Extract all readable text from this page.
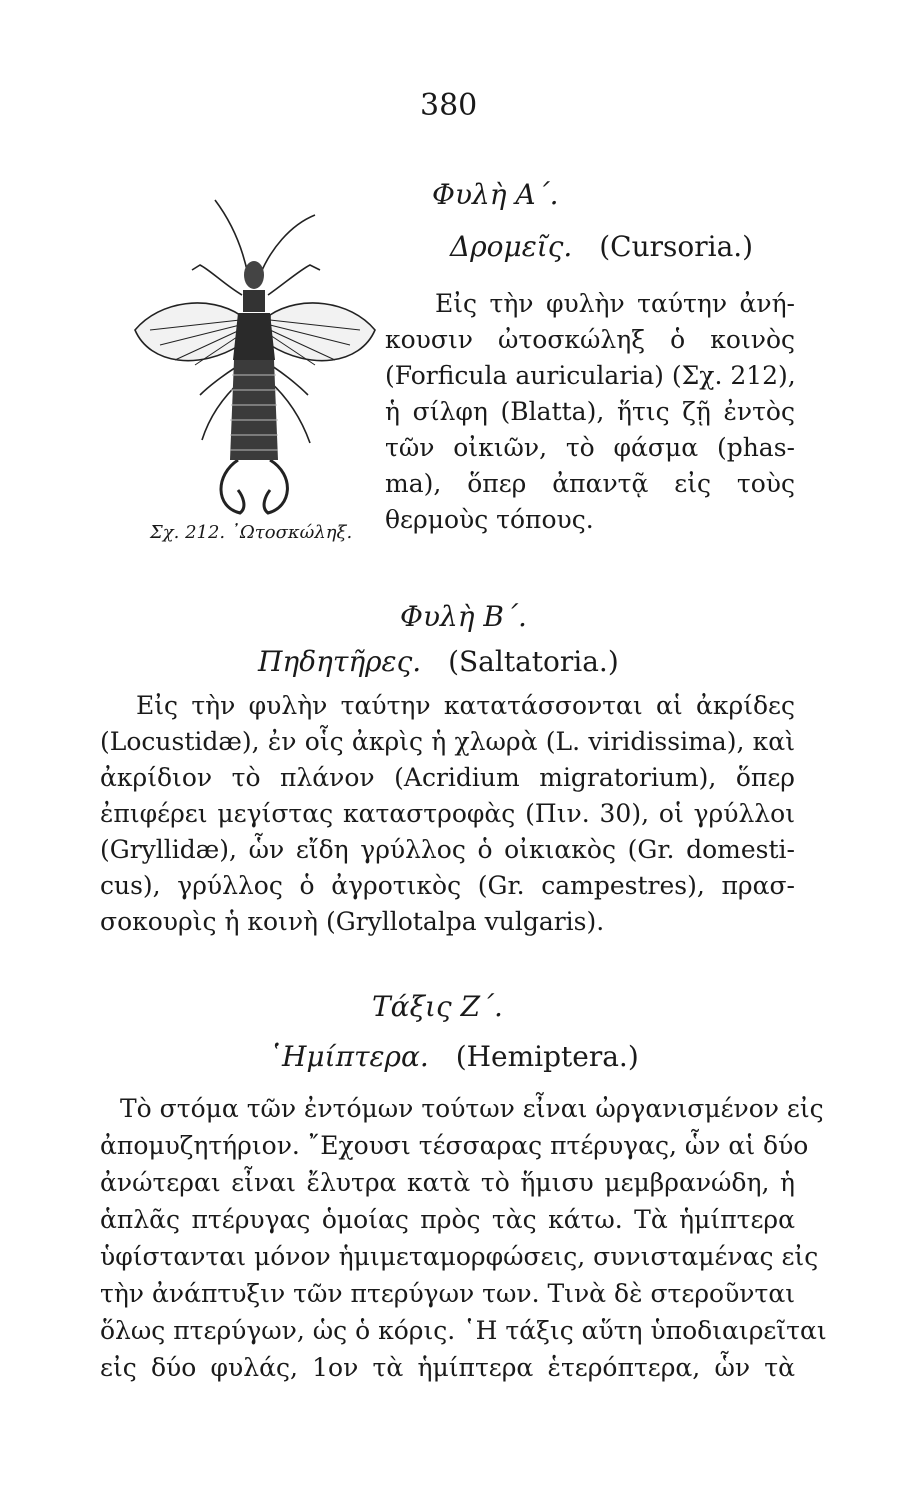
380
Σχ. 212. ᾿Ωτοσκώληξ.
Φυλὴ Α΄.
Δρομεῖς. (Cursoria.)
Εἰς τὴν φυλὴν ταύτην ἀνή-
κουσιν ὠτοσκώληξ ὁ κοινὸς
(Forficula auricularia) (Σχ. 212),
ἡ σίλφη (Blatta), ἥτις ζῇ ἐντὸς
τῶν οἰκιῶν, τὸ φάσμα (phas-
ma), ὅπερ ἀπαντᾷ εἰς τοὺς
θερμοὺς τόπους.
Φυλὴ Β΄.
Πηδητῆρες. (Saltatoria.)
Εἰς τὴν φυλὴν ταύτην κατατάσσονται αἱ ἀκρίδες
(Locustidæ), ἐν οἷς ἀκρὶς ἡ χλωρὰ (L. viridissima), καὶ
ἀκρίδιον τὸ πλάνον (Acridium migratorium), ὅπερ
ἐπιφέρει μεγίστας καταστροφὰς (Πιν. 30), οἱ γρύλλοι
(Gryllidæ), ὧν εἴδη γρύλλος ὁ οἰκιακὸς (Gr. domesti-
cus), γρύλλος ὁ ἀγροτικὸς (Gr. campestres), πρασ-
σοκουρὶς ἡ κοινὴ (Gryllotalpa vulgaris).
Τάξις Ζ΄.
῾Ημίπτερα. (Hemiptera.)
Τὸ στόμα τῶν ἐντόμων τούτων εἶναι ὠργανισμένον εἰς
ἀπομυζητήριον. ῎Εχουσι τέσσαρας πτέρυγας, ὧν αἱ δύο
ἀνώτεραι εἶναι ἔλυτρα κατὰ τὸ ἥμισυ μεμβρανώδη, ἡ
ἁπλᾶς πτέρυγας ὁμοίας πρὸς τὰς κάτω. Τὰ ἡμίπτερα
ὑφίστανται μόνον ἡμιμεταμορφώσεις, συνισταμένας εἰς
τὴν ἀνάπτυξιν τῶν πτερύγων των. Τινὰ δὲ στεροῦνται
ὅλως πτερύγων, ὡς ὁ κόρις. ῾Η τάξις αὕτη ὑποδιαιρεῖται
εἰς δύο φυλάς, 1ον τὰ ἡμίπτερα ἑτερόπτερα, ὧν τὰ
